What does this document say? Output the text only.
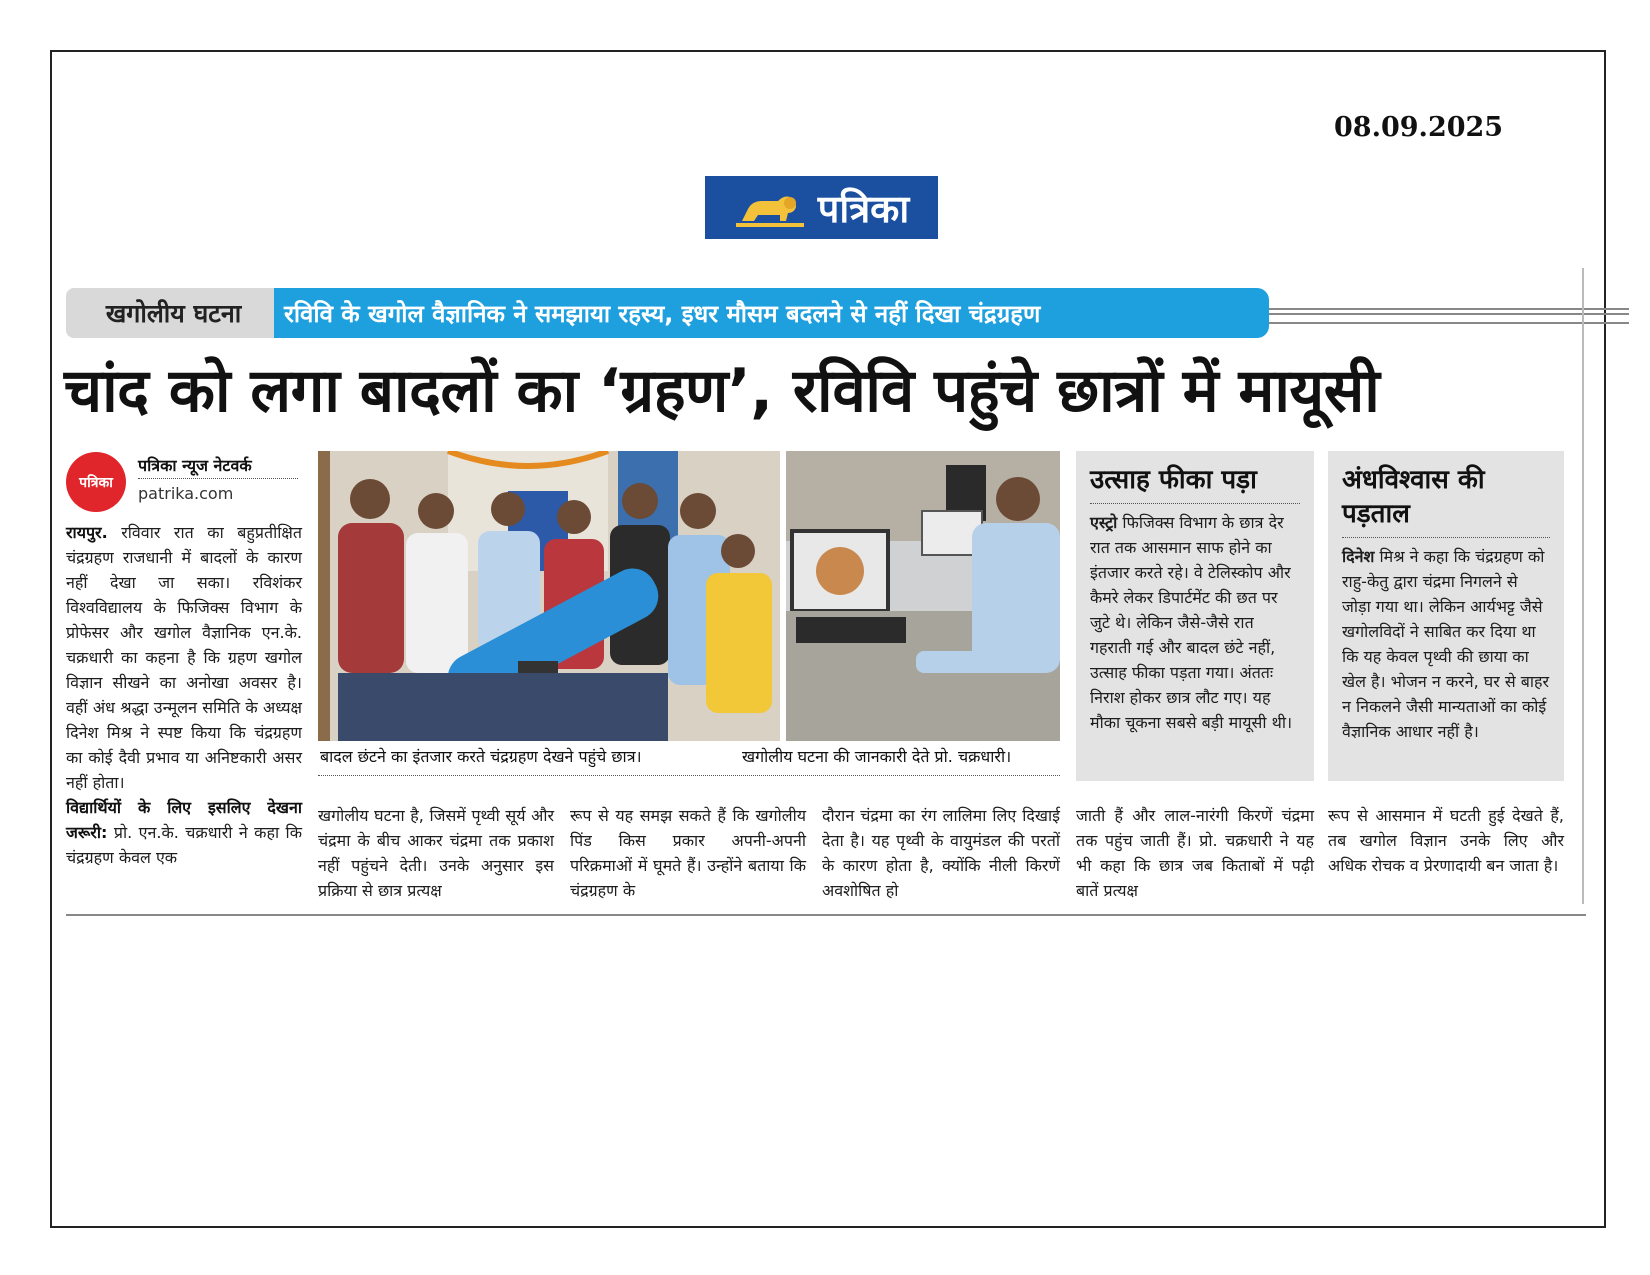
08.09.2025
पत्रिका
खगोलीय घटना	रविवि के खगोल वैज्ञानिक ने समझाया रहस्य, इधर मौसम बदलने से नहीं दिखा चंद्रग्रहण
चांद को लगा बादलों का ‘ग्रहण’, रविवि पहुंचे छात्रों में मायूसी
पत्रिका
पत्रिका न्यूज नेटवर्क
patrika.com
रायपुर. रविवार रात का बहुप्रतीक्षित चंद्रग्रहण राजधानी में बादलों के कारण नहीं देखा जा सका। रविशंकर विश्वविद्यालय के फिजिक्स विभाग के प्रोफेसर और खगोल वैज्ञानिक एन.के. चक्रधारी का कहना है कि ग्रहण खगोल विज्ञान सीखने का अनोखा अवसर है। वहीं अंध श्रद्धा उन्मूलन समिति के अध्यक्ष दिनेश मिश्र ने स्पष्ट किया कि चंद्रग्रहण का कोई दैवी प्रभाव या अनिष्टकारी असर नहीं होता।
विद्यार्थियों के लिए इसलिए देखना जरूरी: प्रो. एन.के. चक्रधारी ने कहा कि चंद्रग्रहण केवल एक
बादल छंटने का इंतजार करते चंद्रग्रहण देखने पहुंचे छात्र।	खगोलीय घटना की जानकारी देते प्रो. चक्रधारी।
उत्साह फीका पड़ा

एस्ट्रो फिजिक्स विभाग के छात्र देर रात तक आसमान साफ होने का इंतजार करते रहे। वे टेलिस्कोप और कैमरे लेकर डिपार्टमेंट की छत पर जुटे थे। लेकिन जैसे-जैसे रात गहराती गई और बादल छंटे नहीं, उत्साह फीका पड़ता गया। अंततः निराश होकर छात्र लौट गए। यह मौका चूकना सबसे बड़ी मायूसी थी।

अंधविश्वास की पड़ताल

दिनेश मिश्र ने कहा कि चंद्रग्रहण को राहु-केतु द्वारा चंद्रमा निगलने से जोड़ा गया था। लेकिन आर्यभट्ट जैसे खगोलविदों ने साबित कर दिया था कि यह केवल पृथ्वी की छाया का खेल है। भोजन न करने, घर से बाहर न निकलने जैसी मान्यताओं का कोई वैज्ञानिक आधार नहीं है।

खगोलीय घटना है, जिसमें पृथ्वी सूर्य और चंद्रमा के बीच आकर चंद्रमा तक प्रकाश नहीं पहुंचने देती। उनके अनुसार इस प्रक्रिया से छात्र प्रत्यक्ष
रूप से यह समझ सकते हैं कि खगोलीय पिंड किस प्रकार अपनी-अपनी परिक्रमाओं में घूमते हैं। उन्होंने बताया कि चंद्रग्रहण के
दौरान चंद्रमा का रंग लालिमा लिए दिखाई देता है। यह पृथ्वी के वायुमंडल की परतों के कारण होता है, क्योंकि नीली किरणें अवशोषित हो
जाती हैं और लाल-नारंगी किरणें चंद्रमा तक पहुंच जाती हैं। प्रो. चक्रधारी ने यह भी कहा कि छात्र जब किताबों में पढ़ी बातें प्रत्यक्ष
रूप से आसमान में घटती हुई देखते हैं, तब खगोल विज्ञान उनके लिए और अधिक रोचक व प्रेरणादायी बन जाता है।
